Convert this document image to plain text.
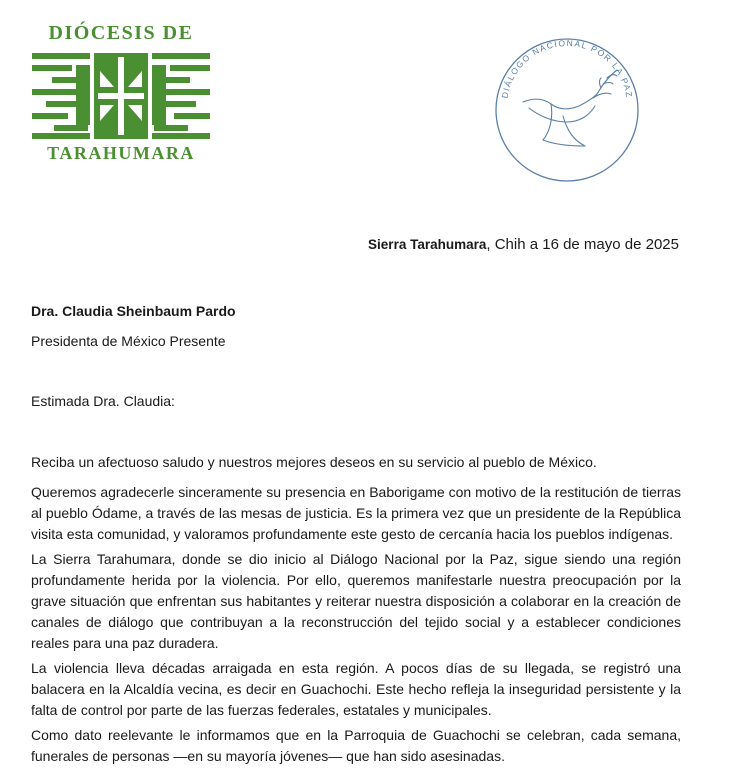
DIÓCESIS DE
TARAHUMARA
DIÁLOGO NACIONAL POR LA PAZ
Sierra Tarahumara, Chih a 16 de mayo de 2025
Dra. Claudia Sheinbaum Pardo
Presidenta de México Presente
Estimada Dra. Claudia:
Reciba un afectuoso saludo y nuestros mejores deseos en su servicio al pueblo de México.
Queremos agradecerle sinceramente su presencia en Baborigame con motivo de la restitución de tierras al pueblo Ódame, a través de las mesas de justicia. Es la primera vez que un presidente de la República visita esta comunidad, y valoramos profundamente este gesto de cercanía hacia los pueblos indígenas.
La Sierra Tarahumara, donde se dio inicio al Diálogo Nacional por la Paz, sigue siendo una región profundamente herida por la violencia. Por ello, queremos manifestarle nuestra preocupación por la grave situación que enfrentan sus habitantes y reiterar nuestra disposición a colaborar en la creación de canales de diálogo que contribuyan a la reconstrucción del tejido social y a establecer condiciones reales para una paz duradera.
La violencia lleva décadas arraigada en esta región. A pocos días de su llegada, se registró una balacera en la Alcaldía vecina, es decir en Guachochi. Este hecho refleja la inseguridad persistente y la falta de control por parte de las fuerzas federales, estatales y municipales.
Como dato reelevante le informamos que en la Parroquia de Guachochi se celebran, cada semana, funerales de personas —en su mayoría jóvenes— que han sido asesinadas.
